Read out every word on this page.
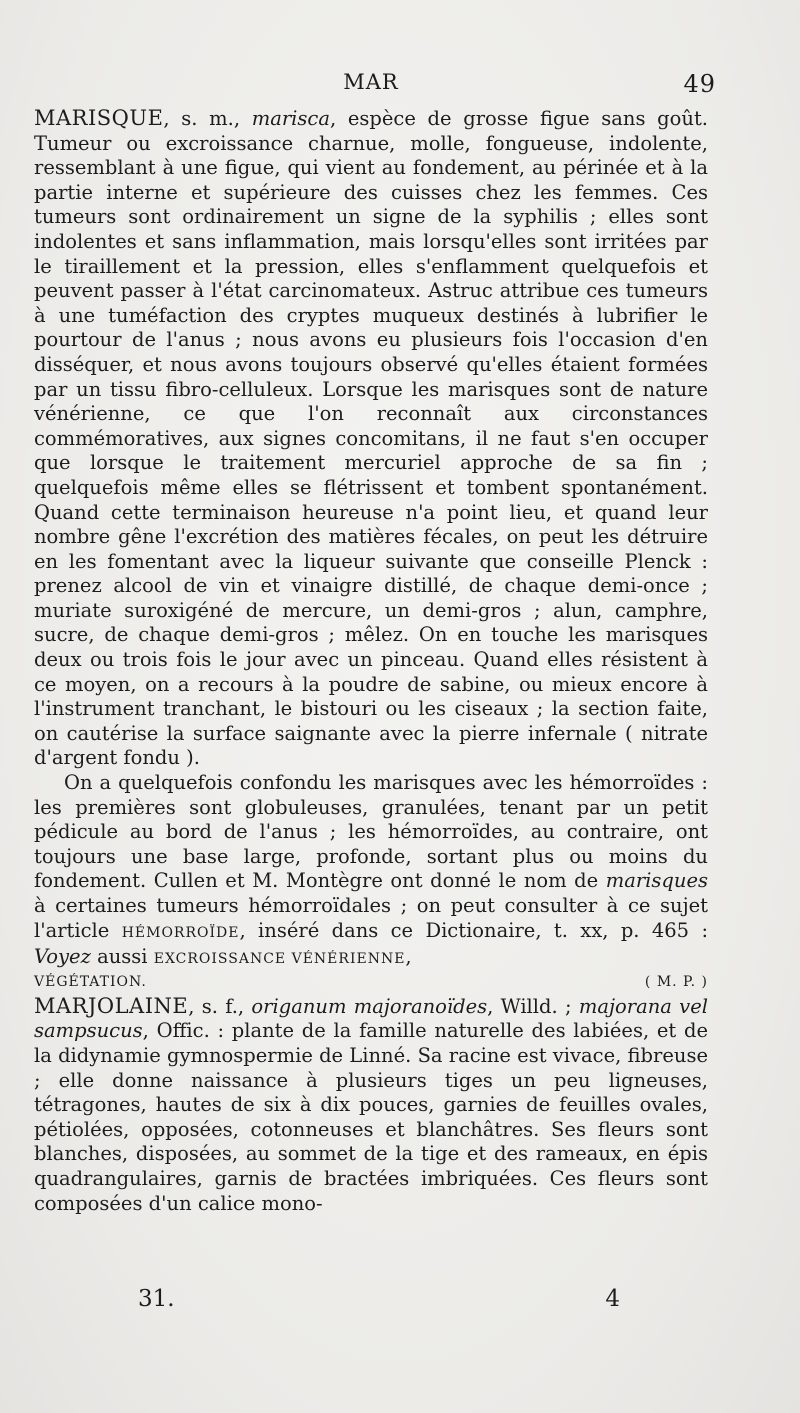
MAR	49

MARISQUE, s. m., marisca, espèce de grosse figue sans goût. Tumeur ou excroissance charnue, molle, fongueuse, indolente, ressemblant à une figue, qui vient au fondement, au périnée et à la partie interne et supérieure des cuisses chez les femmes. Ces tumeurs sont ordinairement un signe de la syphilis ; elles sont indolentes et sans inflammation, mais lorsqu'elles sont irritées par le tiraillement et la pression, elles s'enflamment quelquefois et peuvent passer à l'état carcinomateux. Astruc attribue ces tumeurs à une tuméfaction des cryptes muqueux destinés à lubrifier le pourtour de l'anus ; nous avons eu plusieurs fois l'occasion d'en disséquer, et nous avons toujours observé qu'elles étaient formées par un tissu fibro-celluleux. Lorsque les marisques sont de nature vénérienne, ce que l'on reconnaît aux circonstances commémoratives, aux signes concomitans, il ne faut s'en occuper que lorsque le traitement mercuriel approche de sa fin ; quelquefois même elles se flétrissent et tombent spontanément. Quand cette terminaison heureuse n'a point lieu, et quand leur nombre gêne l'excrétion des matières fécales, on peut les détruire en les fomentant avec la liqueur suivante que conseille Plenck : prenez alcool de vin et vinaigre distillé, de chaque demi-once ; muriate suroxigéné de mercure, un demi-gros ; alun, camphre, sucre, de chaque demi-gros ; mêlez. On en touche les marisques deux ou trois fois le jour avec un pinceau. Quand elles résistent à ce moyen, on a recours à la poudre de sabine, ou mieux encore à l'instrument tranchant, le bistouri ou les ciseaux ; la section faite, on cautérise la surface saignante avec la pierre infernale ( nitrate d'argent fondu ).

On a quelquefois confondu les marisques avec les hémorroïdes : les premières sont globuleuses, granulées, tenant par un petit pédicule au bord de l'anus ; les hémorroïdes, au contraire, ont toujours une base large, profonde, sortant plus ou moins du fondement. Cullen et M. Montègre ont donné le nom de marisques à certaines tumeurs hémorroïdales ; on peut consulter à ce sujet l'article HÉMORROÏDE, inséré dans ce Dictionaire, t. xx, p. 465 : Voyez aussi EXCROISSANCE VÉNÉRIENNE,

VÉGÉTATION.	( M. P. )

MARJOLAINE, s. f., origanum majoranoïdes, Willd. ; majorana vel sampsucus, Offic. : plante de la famille naturelle des labiées, et de la didynamie gymnospermie de Linné. Sa racine est vivace, fibreuse ; elle donne naissance à plusieurs tiges un peu ligneuses, tétragones, hautes de six à dix pouces, garnies de feuilles ovales, pétiolées, opposées, cotonneuses et blanchâtres. Ses fleurs sont blanches, disposées, au sommet de la tige et des rameaux, en épis quadrangulaires, garnis de bractées imbriquées. Ces fleurs sont composées d'un calice mono-

31.	4
